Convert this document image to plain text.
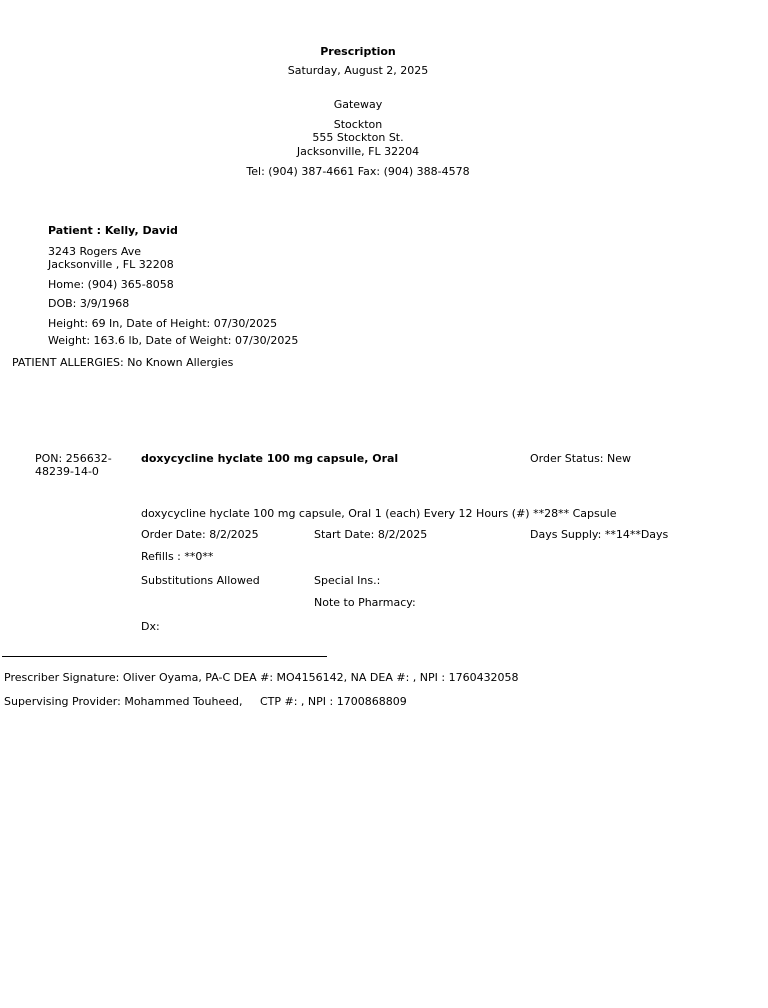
Prescription
Saturday, August 2, 2025
Gateway
Stockton
555 Stockton St.
Jacksonville, FL 32204
Tel: (904) 387-4661 Fax: (904) 388-4578
Patient : Kelly, David
3243 Rogers Ave
Jacksonville , FL 32208
Home: (904) 365-8058
DOB: 3/9/1968
Height: 69 In, Date of Height: 07/30/2025
Weight: 163.6 lb, Date of Weight: 07/30/2025
PATIENT ALLERGIES: No Known Allergies
PON: 256632-
48239-14-0
doxycycline hyclate 100 mg capsule, Oral	Order Status: New
doxycycline hyclate 100 mg capsule, Oral 1 (each) Every 12 Hours (#) **28** Capsule
Order Date: 8/2/2025	Start Date: 8/2/2025	Days Supply: **14**Days
Refills : **0**
Substitutions Allowed	Special Ins.:
Note to Pharmacy:
Dx:
Prescriber Signature: Oliver Oyama, PA-C DEA #: MO4156142, NA DEA #: , NPI : 1760432058
Supervising Provider: Mohammed Touheed,     CTP #: , NPI : 1700868809
